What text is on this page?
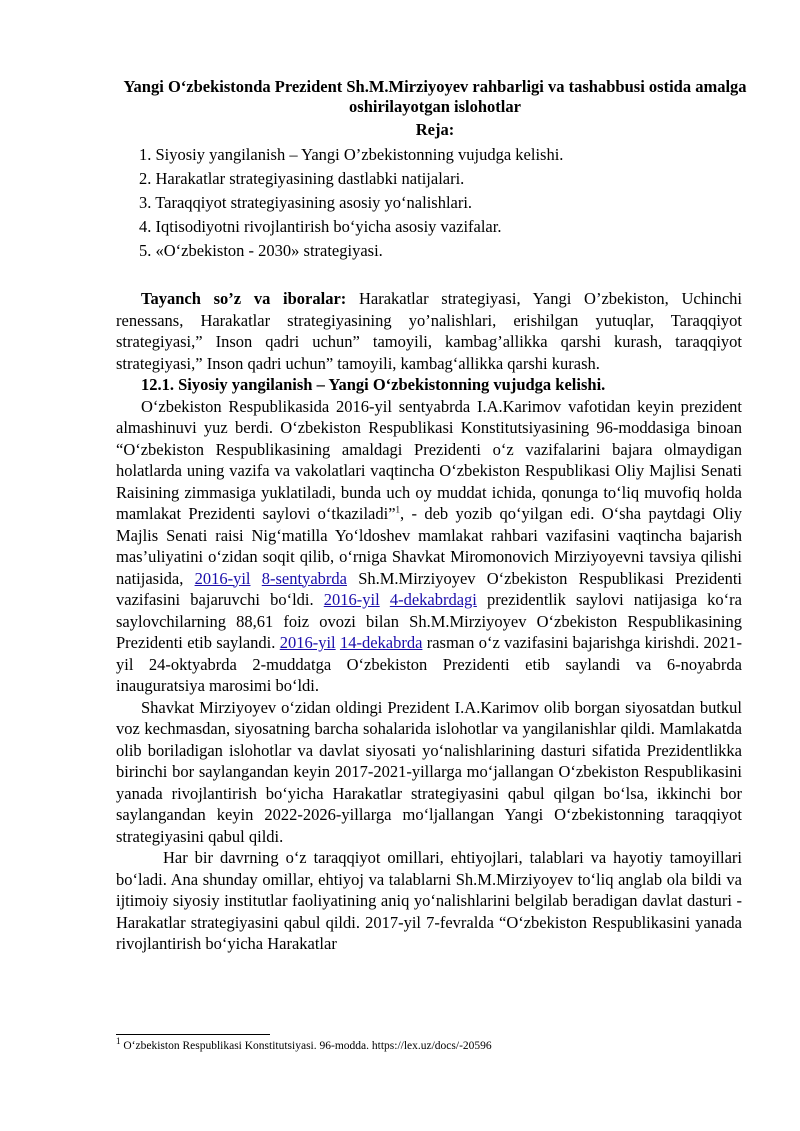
Yangi O‘zbekistonda Prezident Sh.M.Mirziyoyev rahbarligi va tashabbusi ostida amalga oshirilayotgan islohotlar
Reja:
1. Siyosiy yangilanish – Yangi O’zbekistonning vujudga kelishi.
2. Harakatlar strategiyasining dastlabki natijalari.
3. Taraqqiyot strategiyasining asosiy yo‘nalishlari.
4. Iqtisodiyotni rivojlantirish bo‘yicha asosiy vazifalar.
5. «O‘zbekiston - 2030» strategiyasi.

Tayanch so’z va iboralar: Harakatlar strategiyasi, Yangi O’zbekiston, Uchinchi renessans, Harakatlar strategiyasining yo’nalishlari, erishilgan yutuqlar, Taraqqiyot strategiyasi,” Inson qadri uchun” tamoyili, kambag’allikka qarshi kurash, taraqqiyot strategiyasi,” Inson qadri uchun” tamoyili, kambag‘allikka qarshi kurash.

12.1. Siyosiy yangilanish – Yangi O‘zbekistonning vujudga kelishi.

O‘zbekiston Respublikasida 2016-yil sentyabrda I.A.Karimov vafotidan keyin prezident almashinuvi yuz berdi. O‘zbekiston Respublikasi Konstitutsiyasining 96-moddasiga binoan “O‘zbekiston Respublikasining amaldagi Prezidenti o‘z vazifalarini bajara olmaydigan holatlarda uning vazifa va vakolatlari vaqtincha O‘zbekiston Respublikasi Oliy Majlisi Senati Raisining zimmasiga yuklatiladi, bunda uch oy muddat ichida, qonunga to‘liq muvofiq holda mamlakat Prezidenti saylovi o‘tkaziladi”$^1$, - deb yozib qo‘yilgan edi. O‘sha paytdagi Oliy Majlis Senati raisi Nig‘matilla Yo‘ldoshev mamlakat rahbari vazifasini vaqtincha bajarish mas’uliyatini o‘zidan soqit qilib, o‘rniga Shavkat Miromonovich Mirziyoyevni tavsiya qilishi natijasida, 2016-yil 8-sentyabrda Sh.M.Mirziyoyev O‘zbekiston Respublikasi Prezidenti vazifasini bajaruvchi bo‘ldi. 2016-yil 4-dekabrdagi prezidentlik saylovi natijasiga ko‘ra saylovchilarning 88,61 foiz ovozi bilan Sh.M.Mirziyoyev O‘zbekiston Respublikasining Prezidenti etib saylandi. 2016-yil 14-dekabrda rasman o‘z vazifasini bajarishga kirishdi. 2021-yil 24-oktyabrda 2-muddatga O‘zbekiston Prezidenti etib saylandi va 6-noyabrda inauguratsiya marosimi bo‘ldi.

Shavkat Mirziyoyev o‘zidan oldingi Prezident I.A.Karimov olib borgan siyosatdan butkul voz kechmasdan, siyosatning barcha sohalarida islohotlar va yangilanishlar qildi. Mamlakatda olib boriladigan islohotlar va davlat siyosati yo‘nalishlarining dasturi sifatida Prezidentlikka birinchi bor saylangandan keyin 2017-2021-yillarga mo‘jallangan O‘zbekiston Respublikasini yanada rivojlantirish bo‘yicha Harakatlar strategiyasini qabul qilgan bo‘lsa, ikkinchi bor saylangandan keyin 2022-2026-yillarga mo‘ljallangan Yangi O‘zbekistonning taraqqiyot strategiyasini qabul qildi.

Har bir davrning o‘z taraqqiyot omillari, ehtiyojlari, talablari va hayotiy tamoyillari bo‘ladi. Ana shunday omillar, ehtiyoj va talablarni Sh.M.Mirziyoyev to‘liq anglab ola bildi va ijtimoiy siyosiy institutlar faoliyatining aniq yo‘nalishlarini belgilab beradigan davlat dasturi - Harakatlar strategiyasini qabul qildi. 2017-yil 7-fevralda “O‘zbekiston Respublikasini yanada rivojlantirish bo‘yicha Harakatlar

$^1$ O‘zbekiston Respublikasi Konstitutsiyasi. 96-modda. https://lex.uz/docs/-20596
